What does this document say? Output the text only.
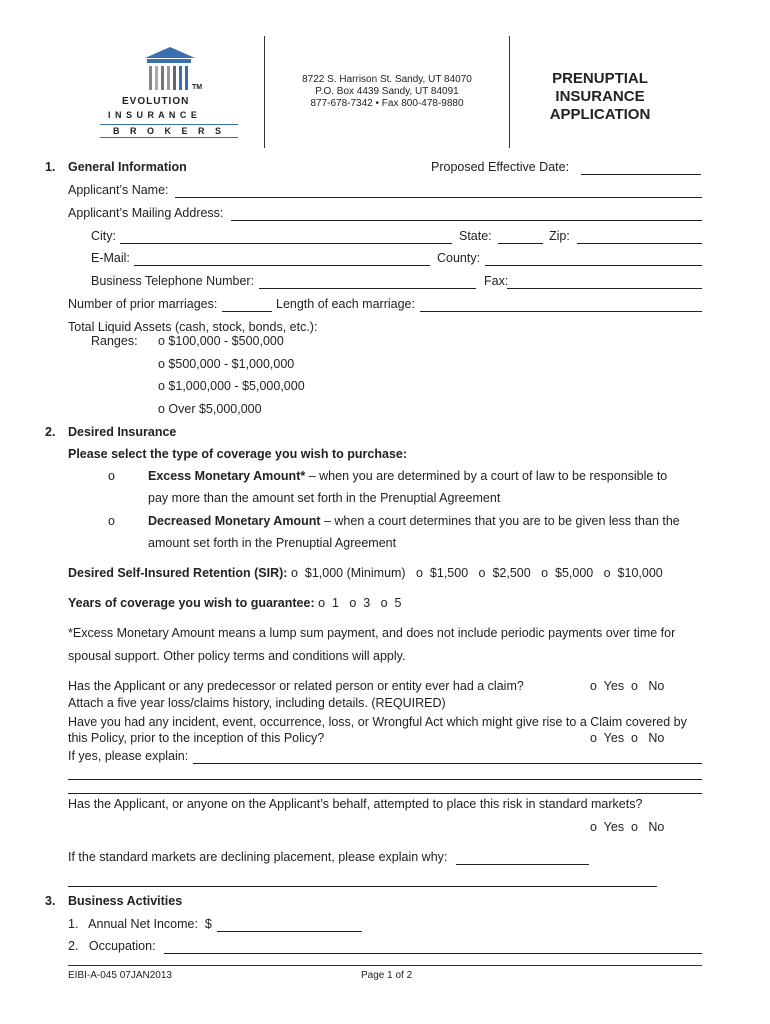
TM
EVOLUTION
I N S U R A N C E
B R O K E R S
8722 S. Harrison St. Sandy, UT 84070
P.O. Box 4439 Sandy, UT 84091
877-678-7342 • Fax 800-478-9880
PRENUPTIAL
INSURANCE
APPLICATION
1. General Information	Proposed Effective Date:
Applicant’s Name:
Applicant’s Mailing Address:
City:	State:	Zip:
E-Mail:	County:
Business Telephone Number:	Fax:
Number of prior marriages:	Length of each marriage:
Total Liquid Assets (cash, stock, bonds, etc.):
Ranges: o $100,000 - $500,000
o $500,000 - $1,000,000
o $1,000,000 - $5,000,000
o Over $5,000,000
2. Desired Insurance
Please select the type of coverage you wish to purchase:
o	Excess Monetary Amount* – when you are determined by a court of law to be responsible to
pay more than the amount set forth in the Prenuptial Agreement
o	Decreased Monetary Amount – when a court determines that you are to be given less than the
amount set forth in the Prenuptial Agreement
Desired Self-Insured Retention (SIR): o  $1,000 (Minimum)   o  $1,500   o  $2,500   o  $5,000   o  $10,000
Years of coverage you wish to guarantee: o  1   o  3   o  5
*Excess Monetary Amount means a lump sum payment, and does not include periodic payments over time for
spousal support. Other policy terms and conditions will apply.
Has the Applicant or any predecessor or related person or entity ever had a claim?	o  Yes  o   No
Attach a five year loss/claims history, including details. (REQUIRED)
Have you had any incident, event, occurrence, loss, or Wrongful Act which might give rise to a Claim covered by
this Policy, prior to the inception of this Policy?	o  Yes  o   No
If yes, please explain:
Has the Applicant, or anyone on the Applicant’s behalf, attempted to place this risk in standard markets?
o  Yes  o   No
If the standard markets are declining placement, please explain why:
3. Business Activities
1.   Annual Net Income:  $
2.   Occupation:
EIBI-A-045 07JAN2013	Page 1 of 2
